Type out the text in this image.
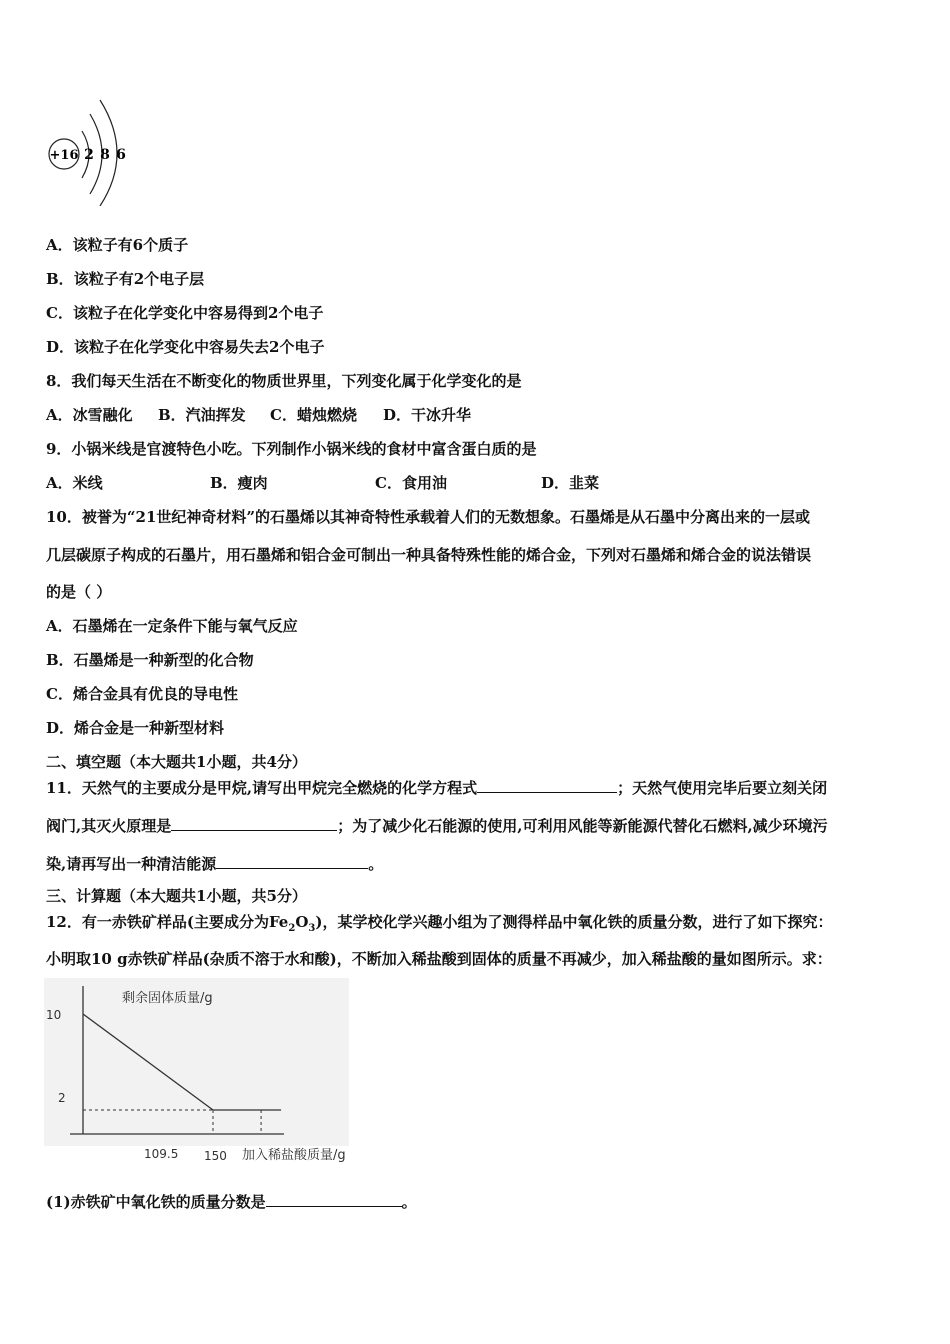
+16 2 8 6
A．该粒子有6个质子
B．该粒子有2个电子层
C．该粒子在化学变化中容易得到2个电子
D．该粒子在化学变化中容易失去2个电子
8．我们每天生活在不断变化的物质世界里，下列变化属于化学变化的是
A．冰雪融化 B．汽油挥发 C．蜡烛燃烧 D．干冰升华
9．小锅米线是官渡特色小吃。下列制作小锅米线的食材中富含蛋白质的是
A．米线	B．瘦肉	C．食用油	D．韭菜
10．被誉为“21世纪神奇材料”的石墨烯以其神奇特性承载着人们的无数想象。石墨烯是从石墨中分离出来的一层或
几层碳原子构成的石墨片，用石墨烯和铝合金可制出一种具备特殊性能的烯合金，下列对石墨烯和烯合金的说法错误
的是（ ）
A．石墨烯在一定条件下能与氧气反应
B．石墨烯是一种新型的化合物
C．烯合金具有优良的导电性
D．烯合金是一种新型材料
二、填空题（本大题共1小题，共4分）
11．天然气的主要成分是甲烷,请写出甲烷完全燃烧的化学方程式	；天然气使用完毕后要立刻关闭
阀门,其灭火原理是	；为了减少化石能源的使用,可利用风能等新能源代替化石燃料,减少环境污
染,请再写出一种清洁能源	。
三、计算题（本大题共1小题，共5分）
12．有一赤铁矿样品(主要成分为$Fe_2O_3$)，某学校化学兴趣小组为了测得样品中氧化铁的质量分数，进行了如下探究：
小明取10 g赤铁矿样品(杂质不溶于水和酸)，不断加入稀盐酸到固体的质量不再减少，加入稀盐酸的量如图所示。求：
剩余固体质量/g
加入稀盐酸质量/g
10
2
109.5 150
(1)赤铁矿中氧化铁的质量分数是	。
